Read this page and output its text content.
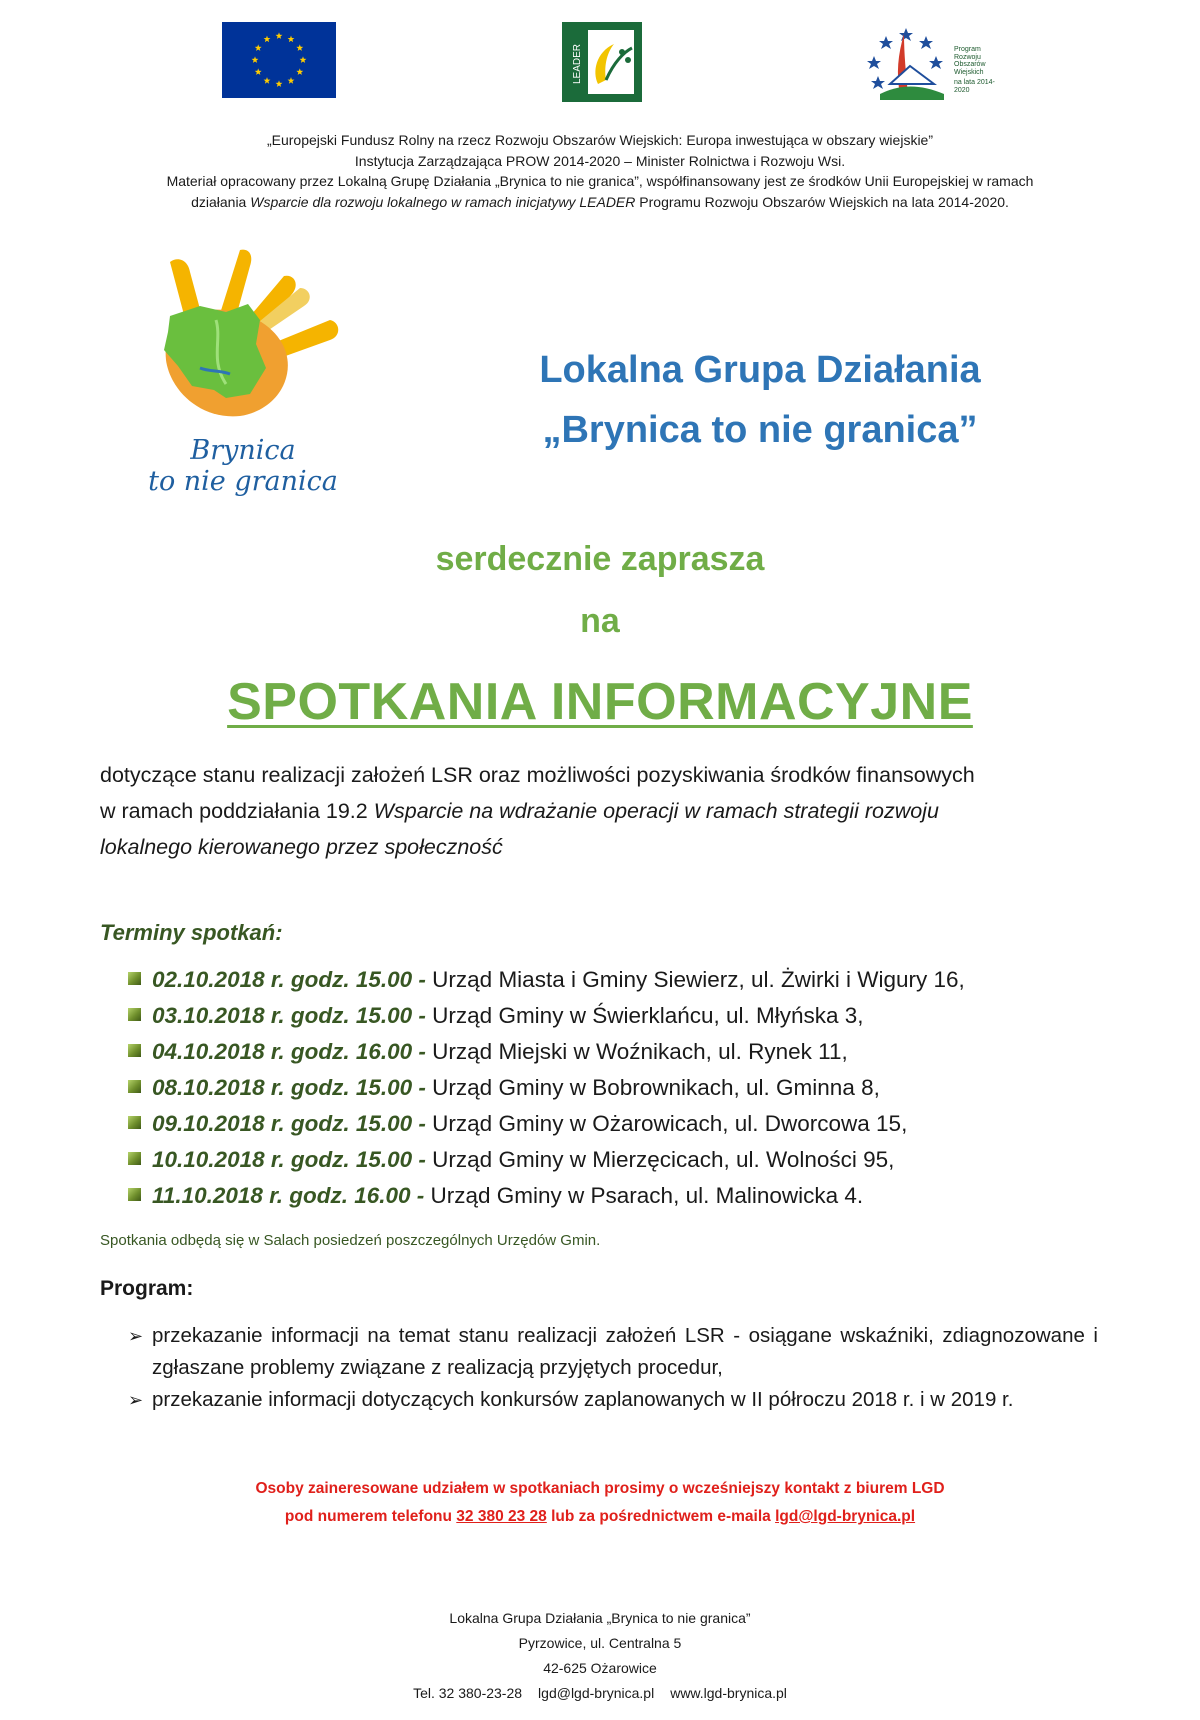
LEADER	Program
Rozwoju
Obszarów
Wiejskich
na lata 2014-2020
„Europejski Fundusz Rolny na rzecz Rozwoju Obszarów Wiejskich: Europa inwestująca w obszary wiejskie”
Instytucja Zarządzająca PROW 2014-2020 – Minister Rolnictwa i Rozwoju Wsi.
Materiał opracowany przez Lokalną Grupę Działania „Brynica to nie granica”, współfinansowany jest ze środków Unii Europejskiej w ramach
działania Wsparcie dla rozwoju lokalnego w ramach inicjatywy LEADER Programu Rozwoju Obszarów Wiejskich na lata 2014-2020.
Brynica
to nie granica
Lokalna Grupa Działania
„Brynica to nie granica”
serdecznie zaprasza
na
SPOTKANIA INFORMACYJNE
dotyczące stanu realizacji założeń LSR oraz możliwości pozyskiwania środków finansowych
w ramach poddziałania 19.2 Wsparcie na wdrażanie operacji w ramach strategii rozwoju
lokalnego kierowanego przez społeczność
Terminy spotkań:
02.10.2018 r. godz. 15.00 - Urząd Miasta i Gminy Siewierz, ul. Żwirki i Wigury 16,
03.10.2018 r. godz. 15.00 - Urząd Gminy w Świerklańcu, ul. Młyńska 3,
04.10.2018 r. godz. 16.00 - Urząd Miejski w Woźnikach, ul. Rynek 11,
08.10.2018 r. godz. 15.00 - Urząd Gminy w Bobrownikach, ul. Gminna 8,
09.10.2018 r. godz. 15.00 - Urząd Gminy w Ożarowicach, ul. Dworcowa 15,
10.10.2018 r. godz. 15.00 - Urząd Gminy w Mierzęcicach, ul. Wolności 95,
11.10.2018 r. godz. 16.00 - Urząd Gminy w Psarach, ul. Malinowicka 4.
Spotkania odbędą się w Salach posiedzeń poszczególnych Urzędów Gmin.
Program:
➢ przekazanie informacji na temat stanu realizacji założeń LSR - osiągane wskaźniki, zdiagnozowane i zgłaszane problemy związane z realizacją przyjętych procedur,
➢ przekazanie informacji dotyczących konkursów zaplanowanych w II półroczu 2018 r. i w 2019 r.
Osoby zaineresowane udziałem w spotkaniach prosimy o wcześniejszy kontakt z biurem LGD
pod numerem telefonu 32 380 23 28 lub za pośrednictwem e-maila lgd@lgd-brynica.pl
Lokalna Grupa Działania „Brynica to nie granica”
Pyrzowice, ul. Centralna 5
42-625 Ożarowice
Tel. 32 380-23-28 lgd@lgd-brynica.pl www.lgd-brynica.pl
